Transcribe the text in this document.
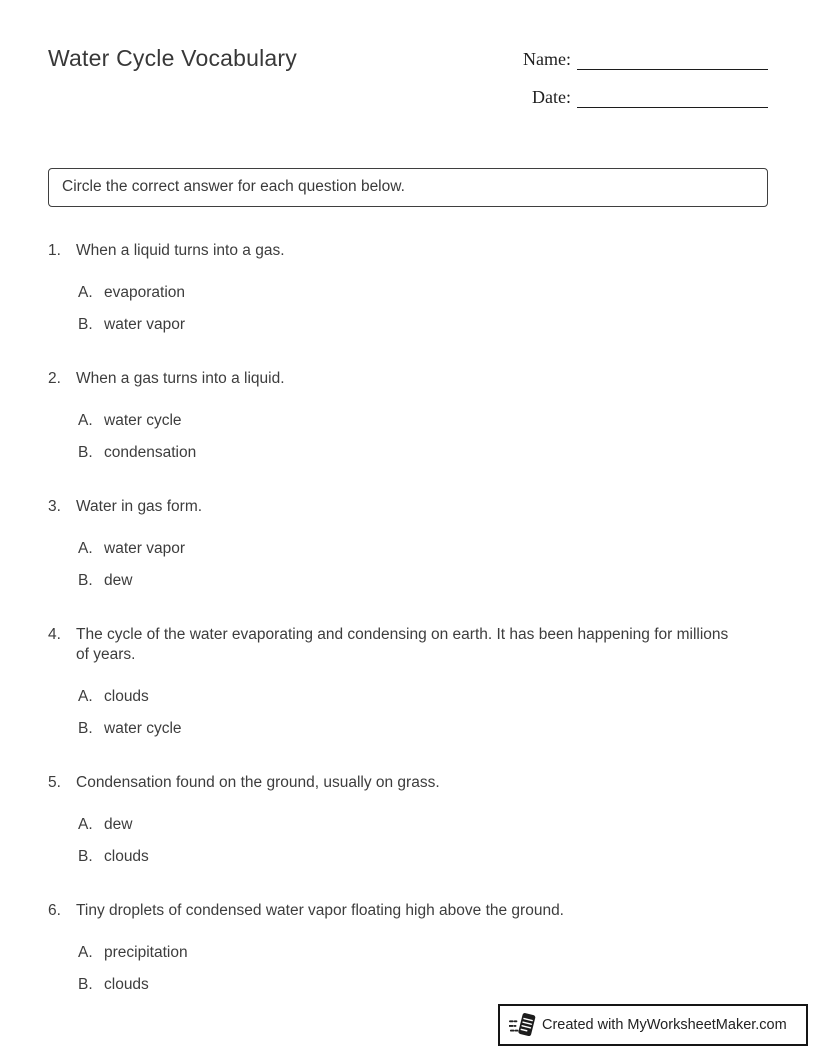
Water Cycle Vocabulary	Name:
Date:
Circle the correct answer for each question below.
1. When a liquid turns into a gas.
A. evaporation
B. water vapor
2. When a gas turns into a liquid.
A. water cycle
B. condensation
3. Water in gas form.
A. water vapor
B. dew
4. The cycle of the water evaporating and condensing on earth. It has been happening for millions of years.
A. clouds
B. water cycle
5. Condensation found on the ground, usually on grass.
A. dew
B. clouds
6. Tiny droplets of condensed water vapor floating high above the ground.
A. precipitation
B. clouds
Created with MyWorksheetMaker.com
